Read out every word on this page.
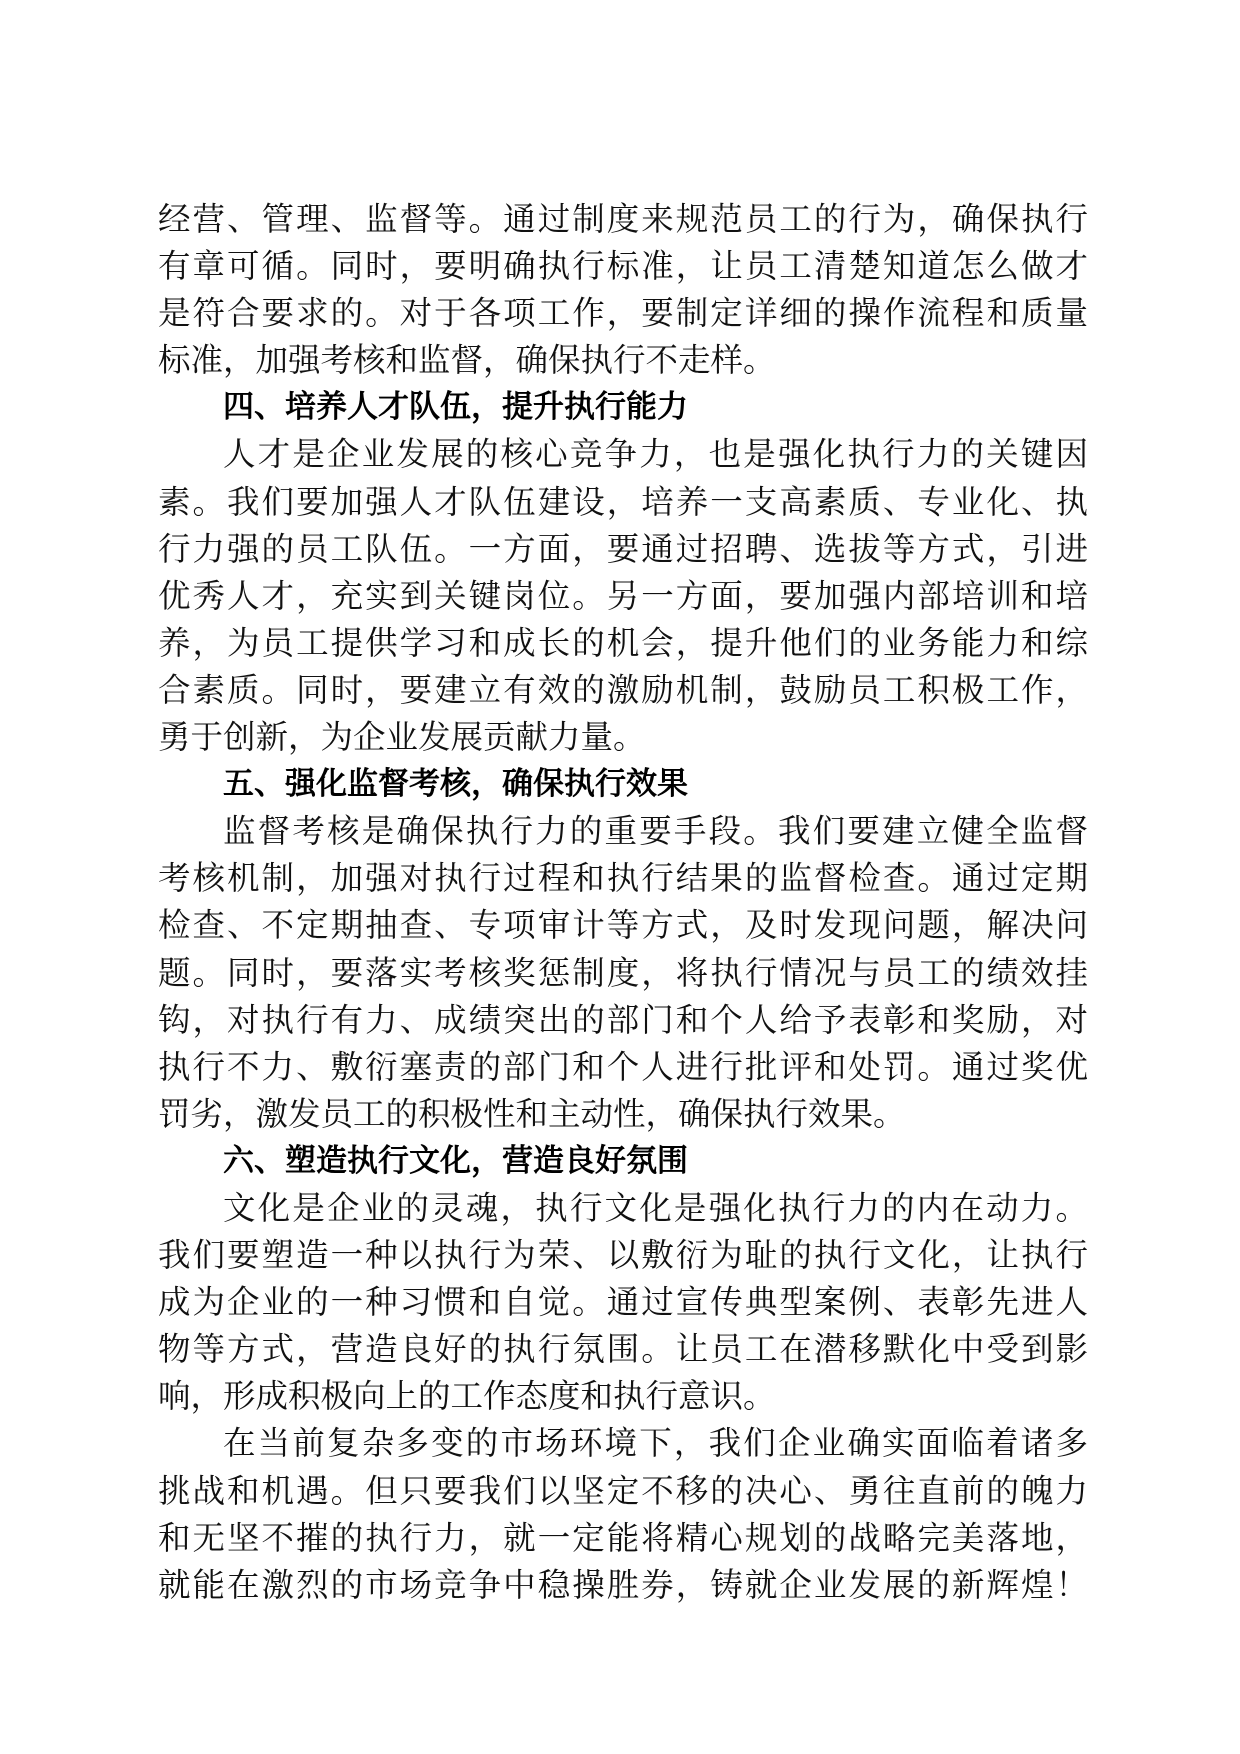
经营、管理、监督等。通过制度来规范员工的行为，确保执行
有章可循。同时，要明确执行标准，让员工清楚知道怎么做才
是符合要求的。对于各项工作，要制定详细的操作流程和质量
标准，加强考核和监督，确保执行不走样。
四、培养人才队伍，提升执行能力
人才是企业发展的核心竞争力，也是强化执行力的关键因
素。我们要加强人才队伍建设，培养一支高素质、专业化、执
行力强的员工队伍。一方面，要通过招聘、选拔等方式，引进
优秀人才，充实到关键岗位。另一方面，要加强内部培训和培
养，为员工提供学习和成长的机会，提升他们的业务能力和综
合素质。同时，要建立有效的激励机制，鼓励员工积极工作，
勇于创新，为企业发展贡献力量。
五、强化监督考核，确保执行效果
监督考核是确保执行力的重要手段。我们要建立健全监督
考核机制，加强对执行过程和执行结果的监督检查。通过定期
检查、不定期抽查、专项审计等方式，及时发现问题，解决问
题。同时，要落实考核奖惩制度，将执行情况与员工的绩效挂
钩，对执行有力、成绩突出的部门和个人给予表彰和奖励，对
执行不力、敷衍塞责的部门和个人进行批评和处罚。通过奖优
罚劣，激发员工的积极性和主动性，确保执行效果。
六、塑造执行文化，营造良好氛围
文化是企业的灵魂，执行文化是强化执行力的内在动力。
我们要塑造一种以执行为荣、以敷衍为耻的执行文化，让执行
成为企业的一种习惯和自觉。通过宣传典型案例、表彰先进人
物等方式，营造良好的执行氛围。让员工在潜移默化中受到影
响，形成积极向上的工作态度和执行意识。
在当前复杂多变的市场环境下，我们企业确实面临着诸多
挑战和机遇。但只要我们以坚定不移的决心、勇往直前的魄力
和无坚不摧的执行力，就一定能将精心规划的战略完美落地，
就能在激烈的市场竞争中稳操胜券，铸就企业发展的新辉煌！
